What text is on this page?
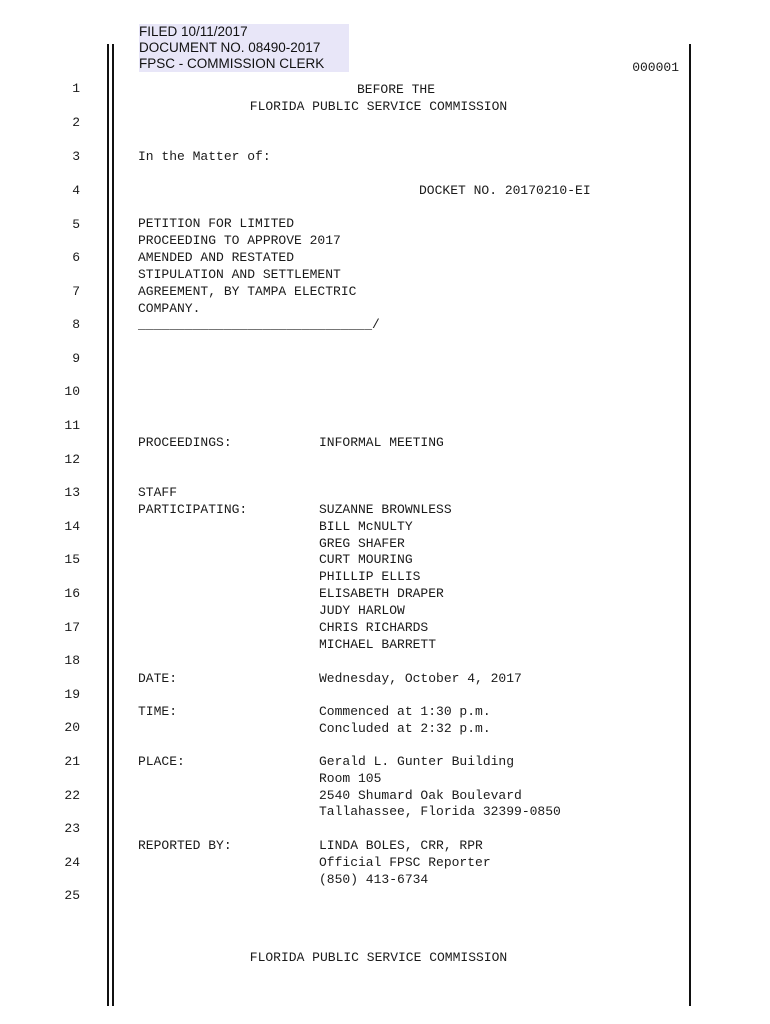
FILED 10/11/2017
DOCUMENT NO. 08490-2017
FPSC - COMMISSION CLERK	000001
1
2
3
4
5
6
7
8
9
10
11
12
13
14
15
16
17
18
19
20
21
22
23
24
25
BEFORE THE
FLORIDA PUBLIC SERVICE COMMISSION
In the Matter of:
DOCKET NO. 20170210-EI
PETITION FOR LIMITED
PROCEEDING TO APPROVE 2017
AMENDED AND RESTATED
STIPULATION AND SETTLEMENT
AGREEMENT, BY TAMPA ELECTRIC
COMPANY.
______________________________/
PROCEEDINGS:	INFORMAL MEETING
STAFF
PARTICIPATING:	SUZANNE BROWNLESS
BILL McNULTY
GREG SHAFER
CURT MOURING
PHILLIP ELLIS
ELISABETH DRAPER
JUDY HARLOW
CHRIS RICHARDS
MICHAEL BARRETT
DATE:	Wednesday, October 4, 2017
TIME:	Commenced at 1:30 p.m.
Concluded at 2:32 p.m.
PLACE:	Gerald L. Gunter Building
Room 105
2540 Shumard Oak Boulevard
Tallahassee, Florida 32399-0850
REPORTED BY:	LINDA BOLES, CRR, RPR
Official FPSC Reporter
(850) 413-6734
FLORIDA PUBLIC SERVICE COMMISSION
